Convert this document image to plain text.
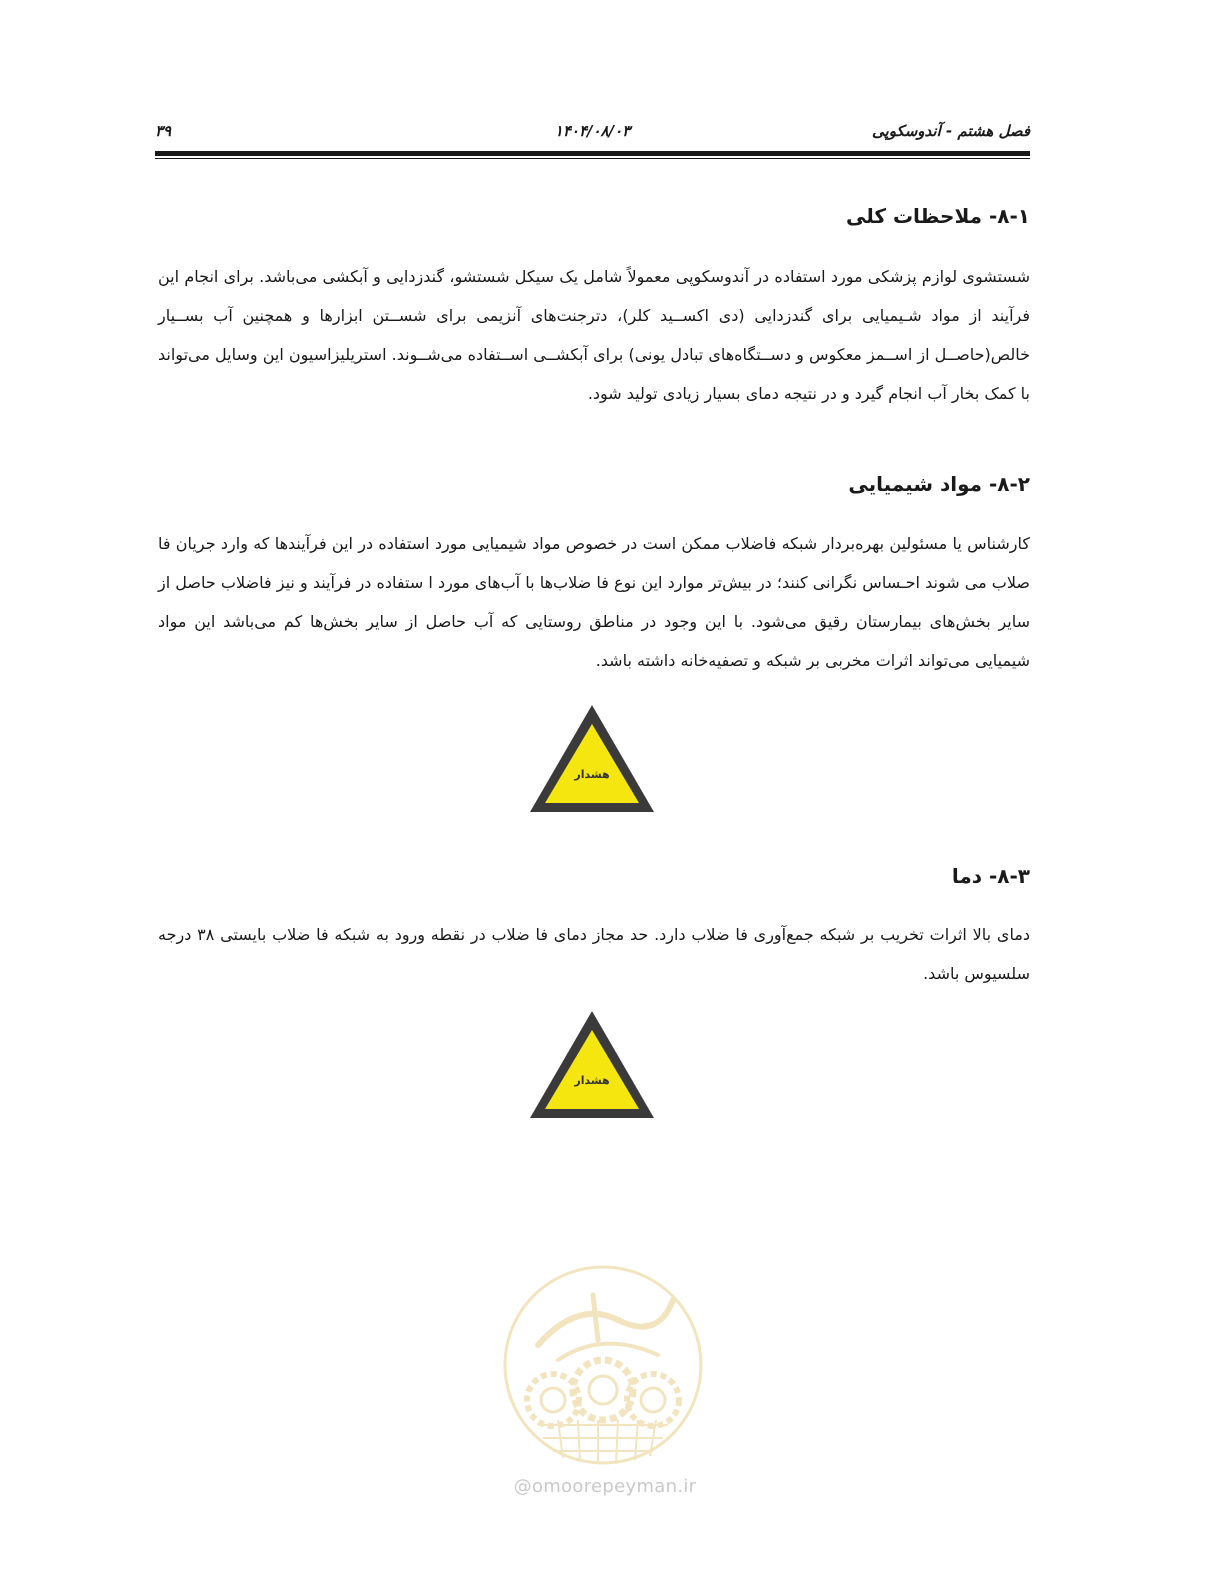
فصل هشتم - آندوسکوپی
۱۴۰۴/۰۸/۰۳
۳۹
۸-۱- ملاحظات کلی
شستشوی لوازم پزشکی مورد استفاده در آندوسکوپی معمولاً شامل یک سیکل شستشو، گندزدایی و آبکشی می‌باشد. برای انجام این فرآیند از مواد شـیمیایی برای گندزدایی (دی اکســید کلر)، دترجنت‌های آنزیمی برای شســتن ابزارها و همچنین آب بســیار خالص(حاصــل از اســمز معکوس و دســتگاه‌های تبادل یونی) برای آبکشــی اســتفاده می‌شــوند. استریلیزاسیون این وسایل می‌تواند با کمک بخار آب انجام گیرد و در نتیجه دمای بسیار زیادی تولید شود.
۸-۲- مواد شیمیایی
کارشناس یا مسئولین بهره‌بردار شبکه فاضلاب ممکن است در خصوص مواد شیمیایی مورد استفاده در این فرآیندها که وارد جریان فا صلاب می شوند احـساس نگرانی کنند؛ در بیش‌تر موارد این نوع فا ضلاب‌ها با آب‌های مورد ا ستفاده در فرآیند و نیز فاضلاب حاصل از سایر بخش‌های بیمارستان رقیق می‌شود. با این وجود در مناطق روستایی که آب حاصل از سایر بخش‌ها کم می‌باشد این مواد شیمیایی می‌تواند اثرات مخربی بر شبکه و تصفیه‌خانه داشته باشد.
هشدار
۸-۳- دما
دمای بالا اثرات تخریب بر شبکه جمع‌آوری فا ضلاب دارد. حد مجاز دمای فا ضلاب در نقطه ورود به شبکه فا ضلاب بایستی ۳۸ درجه سلسیوس باشد.
هشدار
@omoorepeyman.ir
